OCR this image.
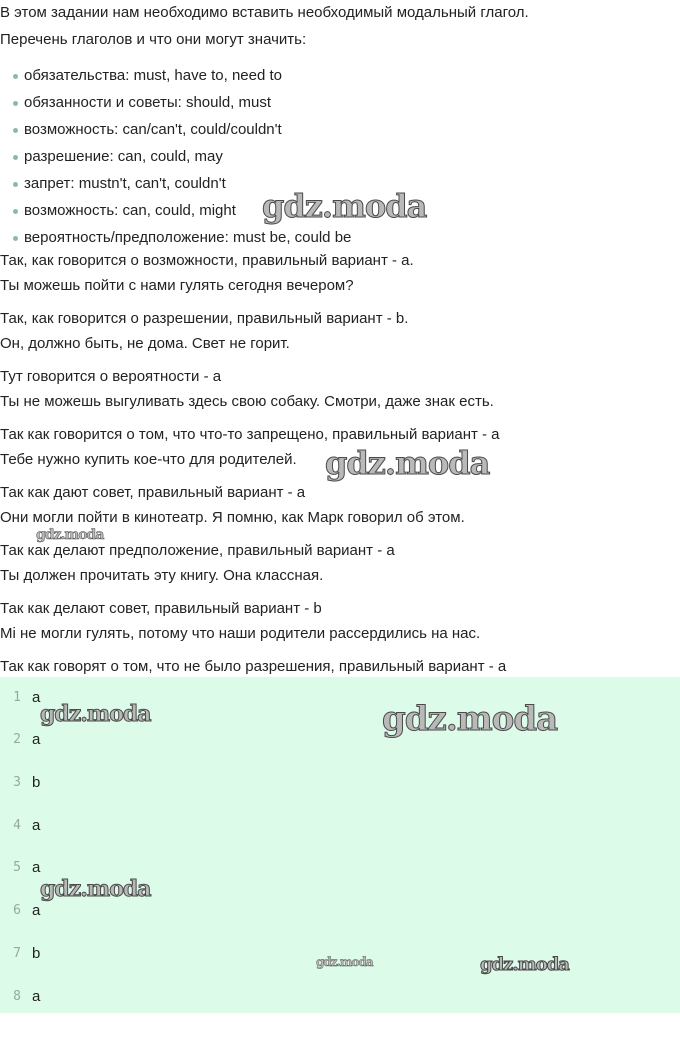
В этом задании нам необходимо вставить необходимый модальный глагол.
Перечень глаголов и что они могут значить:
обязательства: must, have to, need to
обязанности и советы: should, must
возможность: can/can't, could/couldn't
разрешение: can, could, may
запрет: mustn't, can't, couldn't
возможность: can, could, might
вероятность/предположение: must be, could be
Так, как говорится о возможности, правильный вариант - a.
Ты можешь пойти с нами гулять сегодня вечером?
Так, как говорится о разрешении, правильный вариант - b.
Он, должно быть, не дома. Свет не горит.
Тут говорится о вероятности - a
Ты не можешь выгуливать здесь свою собаку. Смотри, даже знак есть.
Так как говорится о том, что что-то запрещено, правильный вариант - a
Тебе нужно купить кое-что для родителей.
Так как дают совет, правильный вариант - a
Они могли пойти в кинотеатр. Я помню, как Марк говорил об этом.
Так как делают предположение, правильный вариант - a
Ты должен прочитать эту книгу. Она классная.
Так как делают совет, правильный вариант - b
Mi не могли гулять, потому что наши родители рассердились на нас.
Так как говорят о том, что не было разрешения, правильный вариант - a
1 a
2 a
3 b
4 a
5 a
6 a
7 b
8 a
gdz.moda
gdz.moda
gdz.moda
gdz.moda	gdz.moda
gdz.moda
gdz.moda	gdz.moda
